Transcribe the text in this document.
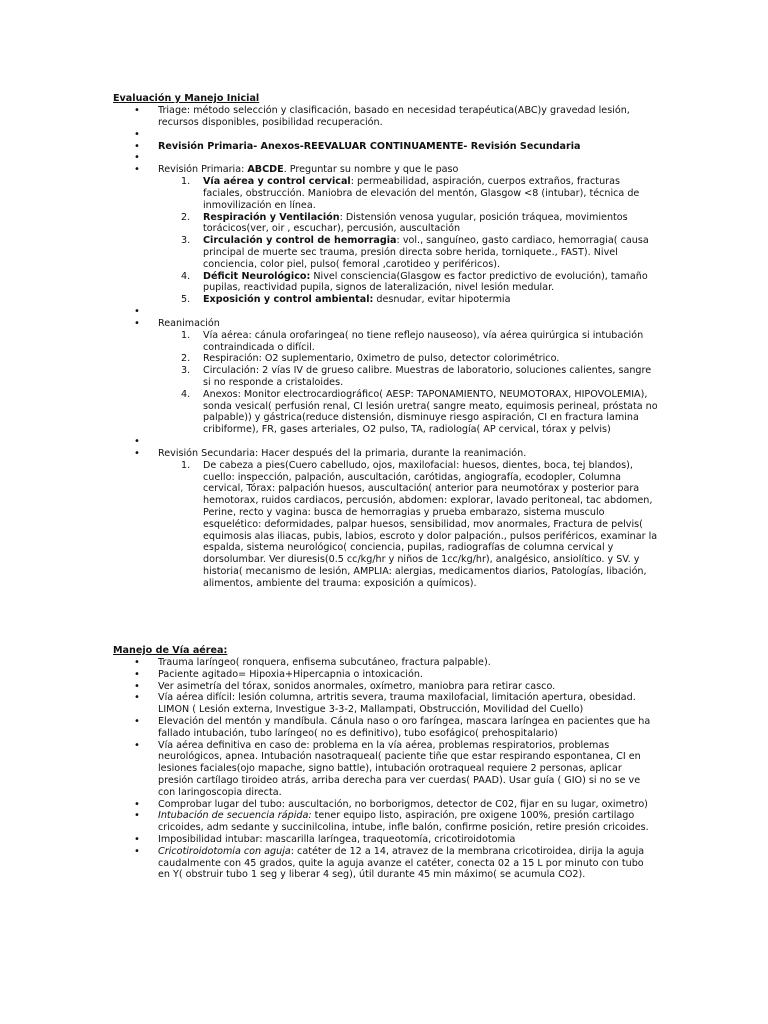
Evaluación y Manejo Inicial
• Triage: método selección y clasificación, basado en necesidad terapéutica(ABC)y gravedad lesión, recursos disponibles, posibilidad recuperación.
•
• Revisión Primaria- Anexos-REEVALUAR CONTINUAMENTE- Revisión Secundaria
•
• Revisión Primaria: ABCDE. Preguntar su nombre y que le paso
1. Vía aérea y control cervical: permeabilidad, aspiración, cuerpos extraños, fracturas faciales, obstrucción. Maniobra de elevación del mentón, Glasgow <8 (intubar), técnica de inmovilización en línea.
2. Respiración y Ventilación: Distensión venosa yugular, posición tráquea, movimientos torácicos(ver, oir , escuchar), percusión, auscultación
3. Circulación y control de hemorragia: vol., sanguíneo, gasto cardiaco, hemorragia( causa principal de muerte sec trauma, presión directa sobre herida, torniquete., FAST). Nivel conciencia, color piel, pulso( femoral ,carotideo y periféricos).
4. Déficit Neurológico: Nivel consciencia(Glasgow es factor predictivo de evolución), tamaño pupilas, reactividad pupila, signos de lateralización, nivel lesión medular.
5. Exposición y control ambiental: desnudar, evitar hipotermia
•
• Reanimación
1. Vía aérea: cánula orofaringea( no tiene reflejo nauseoso), vía aérea quirúrgica si intubación contraindicada o difícil.
2. Respiración: O2 suplementario, 0ximetro de pulso, detector colorimétrico.
3. Circulación: 2 vías IV de grueso calibre. Muestras de laboratorio, soluciones calientes, sangre si no responde a cristaloides.
4. Anexos: Monitor electrocardiográfico( AESP: TAPONAMIENTO, NEUMOTORAX, HIPOVOLEMIA), sonda vesical( perfusión renal, CI lesión uretra( sangre meato, equimosis perineal, próstata no palpable)) y gástrica(reduce distensión, disminuye riesgo aspiración, CI en fractura lamina cribiforme), FR, gases arteriales, O2 pulso, TA, radiología( AP cervical, tórax y pelvis)
•
• Revisión Secundaria: Hacer después del la primaria, durante la reanimación.
1. De cabeza a pies(Cuero cabelludo, ojos, maxilofacial: huesos, dientes, boca, tej blandos), cuello: inspección, palpación, auscultación, carótidas, angiografía, ecodopler, Columna cervical, Tórax: palpación huesos, auscultación( anterior para neumotórax y posterior para hemotorax, ruidos cardiacos, percusión, abdomen: explorar, lavado peritoneal, tac abdomen, Perine, recto y vagina: busca de hemorragias y prueba embarazo, sistema musculo esquelético: deformidades, palpar huesos, sensibilidad, mov anormales, Fractura de pelvis( equimosis alas iliacas, pubis, labios, escroto y dolor palpación., pulsos periféricos, examinar la espalda, sistema neurológico( conciencia, pupilas, radiografías de columna cervical y dorsolumbar. Ver diuresis(0.5 cc/kg/hr y niños de 1cc/kg/hr), analgésico, ansiolítico. y SV. y historia( mecanismo de lesión, AMPLIA: alergias, medicamentos diarios, Patologías, libación, alimentos, ambiente del trauma: exposición a químicos).
Manejo de Vía aérea:
• Trauma laríngeo( ronquera, enfisema subcutáneo, fractura palpable).
• Paciente agitado= Hipoxia+Hipercapnia o intoxicación.
• Ver asimetría del tórax, sonidos anormales, oxímetro, maniobra para retirar casco.
• Vía aérea difícil: lesión columna, artritis severa, trauma maxilofacial, limitación apertura, obesidad. LIMON ( Lesión externa, Investigue 3-3-2, Mallampati, Obstrucción, Movilidad del Cuello)
• Elevación del mentón y mandíbula. Cánula naso o oro faríngea, mascara laríngea en pacientes que ha fallado intubación, tubo laríngeo( no es definitivo), tubo esofágico( prehospitalario)
• Vía aérea definitiva en caso de: problema en la vía aérea, problemas respiratorios, problemas neurológicos, apnea. Intubación nasotraqueal( paciente tiñe que estar respirando espontanea, CI en lesiones faciales(ojo mapache, signo battle), intubación orotraqueal requiere 2 personas, aplicar presión cartílago tiroideo atrás, arriba derecha para ver cuerdas( PAAD). Usar guía ( GIO) si no se ve con laringoscopia directa.
• Comprobar lugar del tubo: auscultación, no borborigmos, detector de C02, fijar en su lugar, oximetro)
• Intubación de secuencia rápida: tener equipo listo, aspiración, pre oxigene 100%, presión cartilago cricoides, adm sedante y succinilcolina, intube, infle balón, confirme posición, retire presión cricoides.
• Imposibilidad intubar: mascarilla laríngea, traqueotomía, cricotiroidotomia
• Cricotiroidotomia con aguja: catéter de 12 a 14, atravez de la membrana cricotiroidea, dirija la aguja caudalmente con 45 grados, quite la aguja avanze el catéter, conecta 02 a 15 L por minuto con tubo en Y( obstruir tubo 1 seg y liberar 4 seg), útil durante 45 min máximo( se acumula CO2).
